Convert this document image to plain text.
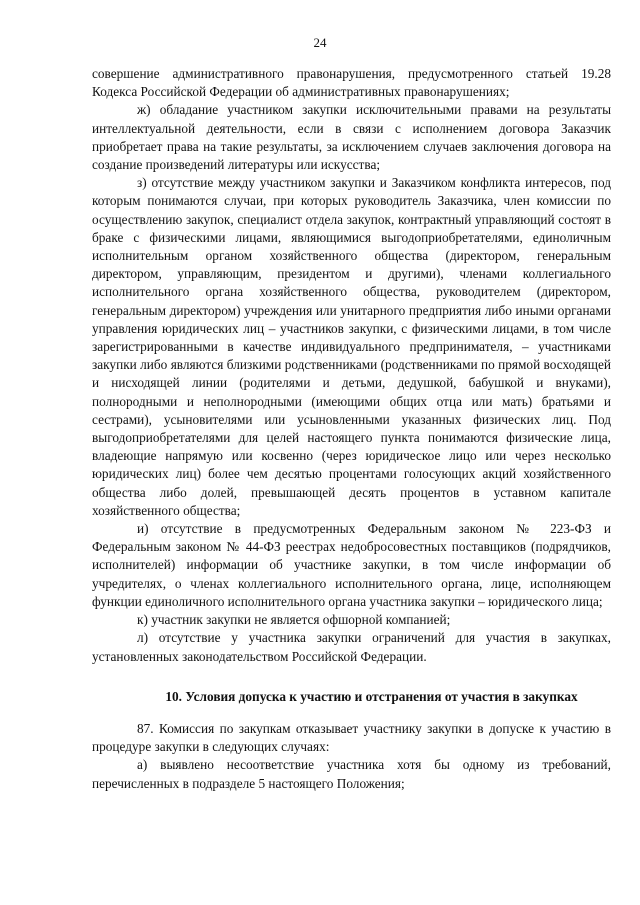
24

совершение административного правонарушения, предусмотренного статьей 19.28 Кодекса Российской Федерации об административных правонарушениях;

ж) обладание участником закупки исключительными правами на результаты интеллектуальной деятельности, если в связи с исполнением договора Заказчик приобретает права на такие результаты, за исключением случаев заключения договора на создание произведений литературы или искусства;

з) отсутствие между участником закупки и Заказчиком конфликта интересов, под которым понимаются случаи, при которых руководитель Заказчика, член комиссии по осуществлению закупок, специалист отдела закупок, контрактный управляющий состоят в браке с физическими лицами, являющимися выгодоприобретателями, единоличным исполнительным органом хозяйственного общества (директором, генеральным директором, управляющим, президентом и другими), членами коллегиального исполнительного органа хозяйственного общества, руководителем (директором, генеральным директором) учреждения или унитарного предприятия либо иными органами управления юридических лиц – участников закупки, с физическими лицами, в том числе зарегистрированными в качестве индивидуального предпринимателя, – участниками закупки либо являются близкими родственниками (родственниками по прямой восходящей и нисходящей линии (родителями и детьми, дедушкой, бабушкой и внуками), полнородными и неполнородными (имеющими общих отца или мать) братьями и сестрами), усыновителями или усыновленными указанных физических лиц. Под выгодоприобретателями для целей настоящего пункта понимаются физические лица, владеющие напрямую или косвенно (через юридическое лицо или через несколько юридических лиц) более чем десятью процентами голосующих акций хозяйственного общества либо долей, превышающей десять процентов в уставном капитале хозяйственного общества;

и) отсутствие в предусмотренных Федеральным законом № 223-ФЗ и Федеральным законом № 44-ФЗ реестрах недобросовестных поставщиков (подрядчиков, исполнителей) информации об участнике закупки, в том числе информации об учредителях, о членах коллегиального исполнительного органа, лице, исполняющем функции единоличного исполнительного органа участника закупки – юридического лица;

к) участник закупки не является офшорной компанией;

л) отсутствие у участника закупки ограничений для участия в закупках, установленных законодательством Российской Федерации.

10. Условия допуска к участию и отстранения от участия в закупках

87. Комиссия по закупкам отказывает участнику закупки в допуске к участию в процедуре закупки в следующих случаях:

а) выявлено несоответствие участника хотя бы одному из требований, перечисленных в подразделе 5 настоящего Положения;
